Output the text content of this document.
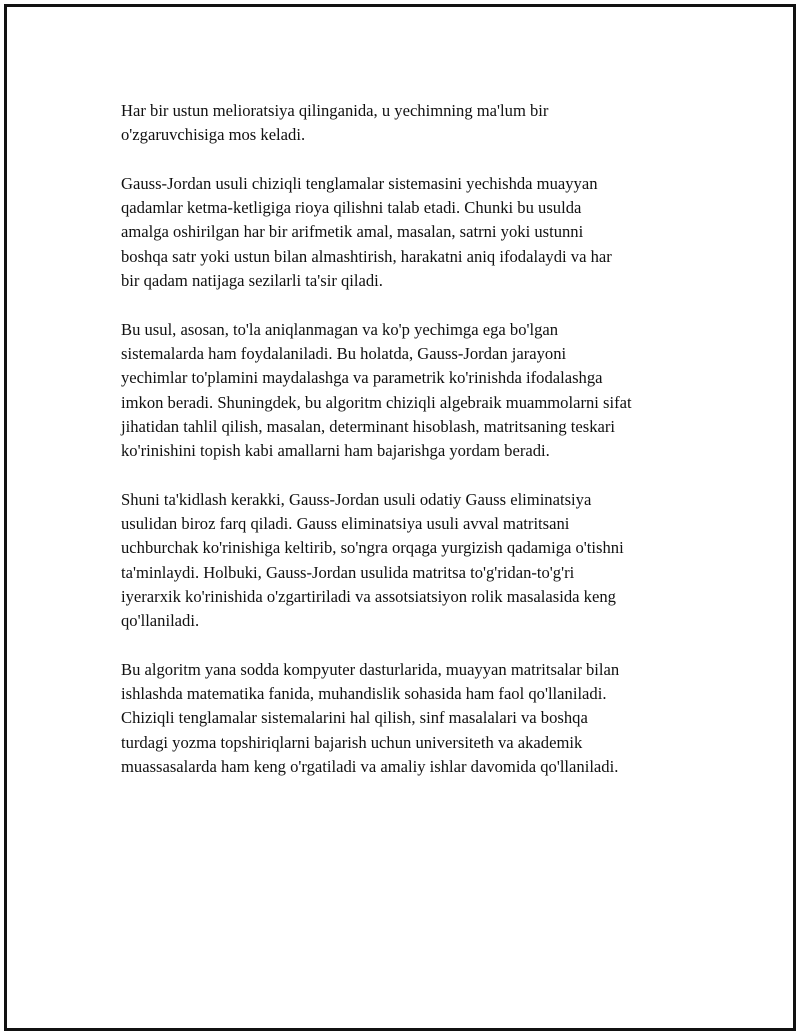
Har bir ustun melioratsiya qilinganida, u yechimning ma'lum bir
o'zgaruvchisiga mos keladi.

Gauss-Jordan usuli chiziqli tenglamalar sistemasini yechishda muayyan
qadamlar ketma-ketligiga rioya qilishni talab etadi. Chunki bu usulda
amalga oshirilgan har bir arifmetik amal, masalan, satrni yoki ustunni
boshqa satr yoki ustun bilan almashtirish, harakatni aniq ifodalaydi va har
bir qadam natijaga sezilarli ta'sir qiladi.

Bu usul, asosan, to'la aniqlanmagan va ko'p yechimga ega bo'lgan
sistemalarda ham foydalaniladi. Bu holatda, Gauss-Jordan jarayoni
yechimlar to'plamini maydalashga va parametrik ko'rinishda ifodalashga
imkon beradi. Shuningdek, bu algoritm chiziqli algebraik muammolarni sifat
jihatidan tahlil qilish, masalan, determinant hisoblash, matritsaning teskari
ko'rinishini topish kabi amallarni ham bajarishga yordam beradi.

Shuni ta'kidlash kerakki, Gauss-Jordan usuli odatiy Gauss eliminatsiya
usulidan biroz farq qiladi. Gauss eliminatsiya usuli avval matritsani
uchburchak ko'rinishiga keltirib, so'ngra orqaga yurgizish qadamiga o'tishni
ta'minlaydi. Holbuki, Gauss-Jordan usulida matritsa to'g'ridan-to'g'ri
iyerarxik ko'rinishida o'zgartiriladi va assotsiatsiyon rolik masalasida keng
qo'llaniladi.

Bu algoritm yana sodda kompyuter dasturlarida, muayyan matritsalar bilan
ishlashda matematika fanida, muhandislik sohasida ham faol qo'llaniladi.
Chiziqli tenglamalar sistemalarini hal qilish, sinf masalalari va boshqa
turdagi yozma topshiriqlarni bajarish uchun universiteth va akademik
muassasalarda ham keng o'rgatiladi va amaliy ishlar davomida qo'llaniladi.
